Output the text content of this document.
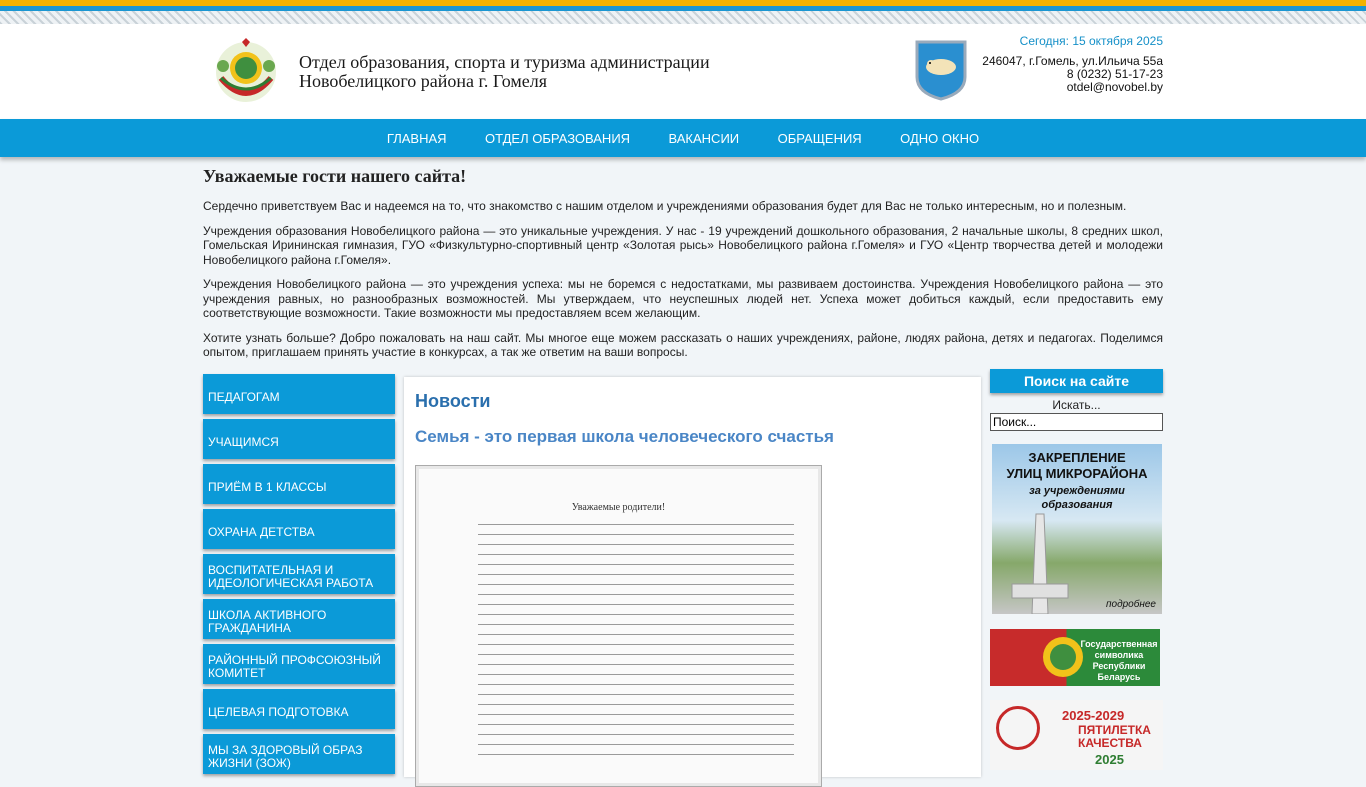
Отдел образования, спорта и туризма администрации Новобелицкого района г. Гомеля
Сегодня: 15 октября 2025
246047, г.Гомель, ул.Ильича 55а
8 (0232) 51-17-23
otdel@novobel.by
ГЛАВНАЯ	ОТДЕЛ ОБРАЗОВАНИЯ	ВАКАНСИИ	ОБРАЩЕНИЯ	ОДНО ОКНО
Уважаемые гости нашего сайта!

Сердечно приветствуем Вас и надеемся на то, что знакомство с нашим отделом и учреждениями образования будет для Вас не только интересным, но и полезным.

Учреждения образования Новобелицкого района — это уникальные учреждения. У нас - 19 учреждений дошкольного образования, 2 начальные школы, 8 средних школ, Гомельская Ирининская гимназия, ГУО «Физкультурно-спортивный центр «Золотая рысь» Новобелицкого района г.Гомеля» и ГУО «Центр творчества детей и молодежи Новобелицкого района г.Гомеля».

Учреждения Новобелицкого района — это учреждения успеха: мы не боремся с недостатками, мы развиваем достоинства. Учреждения Новобелицкого района — это учреждения равных, но разнообразных возможностей. Мы утверждаем, что неуспешных людей нет. Успеха может добиться каждый, если предоставить ему соответствующие возможности. Такие возможности мы предоставляем всем желающим.

Хотите узнать больше? Добро пожаловать на наш сайт. Мы многое еще можем рассказать о наших учреждениях, районе, людях района, детях и педагогах. Поделимся опытом, приглашаем принять участие в конкурсах, а так же ответим на ваши вопросы.

ПЕДАГОГАМ
УЧАЩИМСЯ
ПРИЁМ В 1 КЛАССЫ
ОХРАНА ДЕТСТВА
ВОСПИТАТЕЛЬНАЯ И ИДЕОЛОГИЧЕСКАЯ РАБОТА
ШКОЛА АКТИВНОГО ГРАЖДАНИНА
РАЙОННЫЙ ПРОФСОЮЗНЫЙ КОМИТЕТ
ЦЕЛЕВАЯ ПОДГОТОВКА
МЫ ЗА ЗДОРОВЫЙ ОБРАЗ ЖИЗНИ (ЗОЖ)
Новости
Семья - это первая школа человеческого счастья
Уважаемые родители!
Поиск на сайте
Искать...
Поиск...
ЗАКРЕПЛЕНИЕ
УЛИЦ МИКРОРАЙОНА
за учреждениями
образования
подробнее
Государственная символика Республики Беларусь
2025-2029
ПЯТИЛЕТКА
КАЧЕСТВА
2025
